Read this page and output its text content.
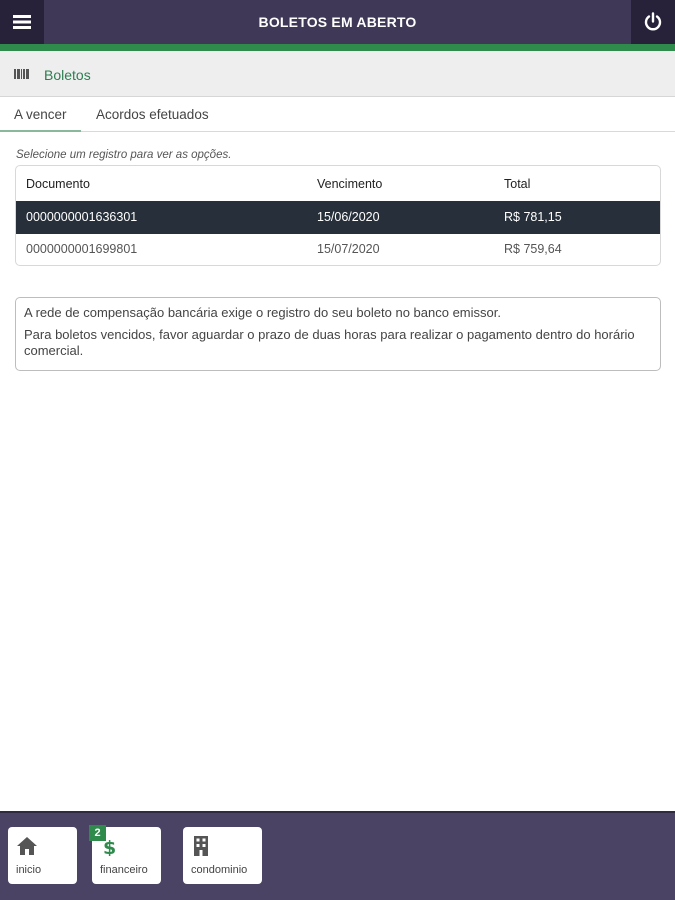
BOLETOS EM ABERTO
Boletos
A vencer	Acordos efetuados
Selecione um registro para ver as opções.
Documento	Vencimento	Total
0000000001636301	15/06/2020	R$ 781,15
0000000001699801	15/07/2020	R$ 759,64

A rede de compensação bancária exige o registro do seu boleto no banco emissor.

Para boletos vencidos, favor aguardar o prazo de duas horas para realizar o pagamento dentro do horário comercial.

inicio
2
$
financeiro	condominio
